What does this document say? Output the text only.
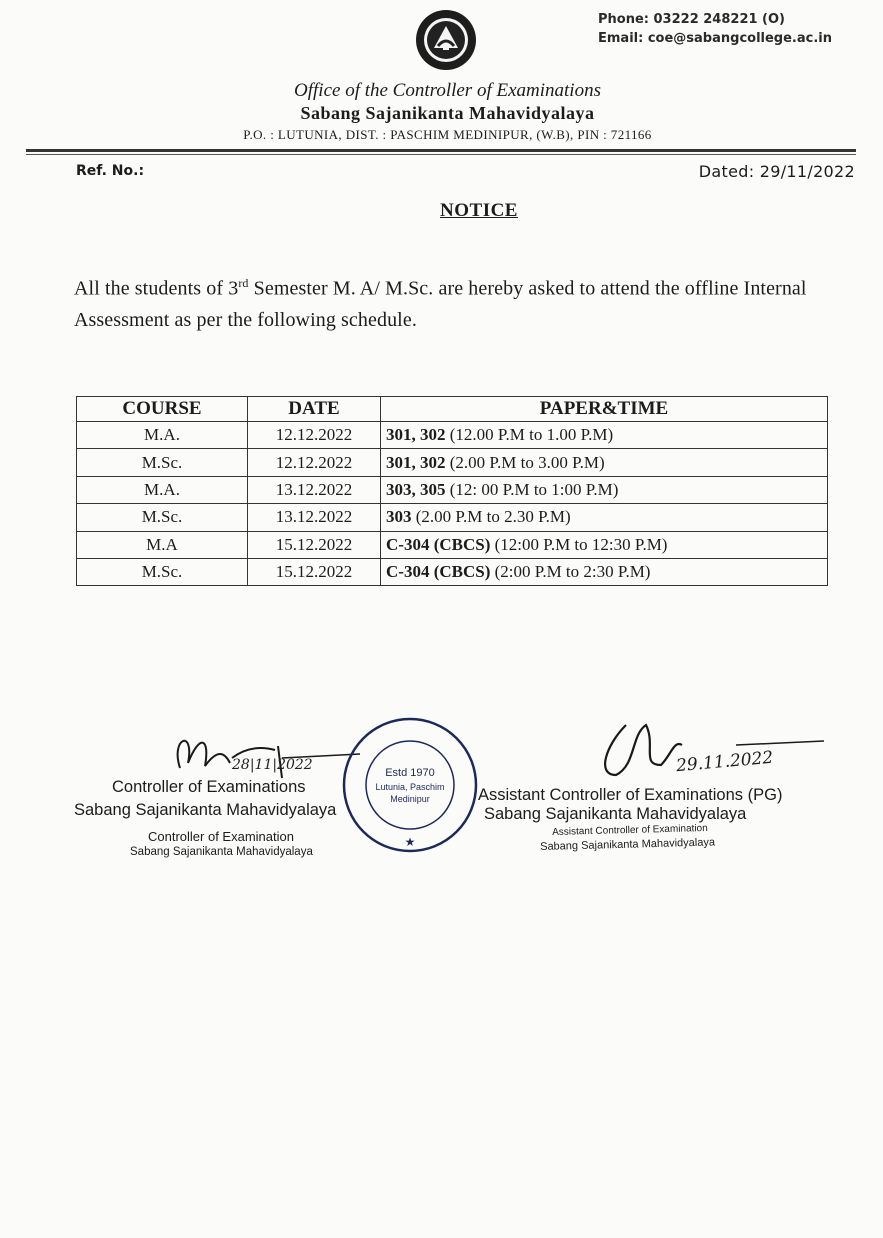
Phone: 03222 248221 (O)
Email: coe@sabangcollege.ac.in
Office of the Controller of Examinations
Sabang Sajanikanta Mahavidyalaya
P.O. : LUTUNIA, DIST. : PASCHIM MEDINIPUR, (W.B), PIN : 721166
Ref. No.:	Dated: 29/11/2022
NOTICE
All the students of 3rd Semester M. A/ M.Sc. are hereby asked to attend the offline Internal Assessment as per the following schedule.
COURSE	DATE	PAPER&TIME
M.A.	12.12.2022	301, 302 (12.00 P.M to 1.00 P.M)
M.Sc.	12.12.2022	301, 302 (2.00 P.M to 3.00 P.M)
M.A.	13.12.2022	303, 305 (12: 00 P.M to 1:00 P.M)
M.Sc.	13.12.2022	303 (2.00 P.M to 2.30 P.M)
M.A	15.12.2022	C-304 (CBCS) (12:00 P.M to 12:30 P.M)
M.Sc.	15.12.2022	C-304 (CBCS) (2:00 P.M to 2:30 P.M)
28|11|2022	Estd 1970
Lutunia, Paschim
Medinipur
★
29.11.2022
Controller of Examinations
Sabang Sajanikanta Mahavidyalaya
Controller of Examination
Sabang Sajanikanta Mahavidyalaya
Assistant Controller of Examinations (PG)
Sabang Sajanikanta Mahavidyalaya
Assistant Controller of Examination
Sabang Sajanikanta Mahavidyalaya
